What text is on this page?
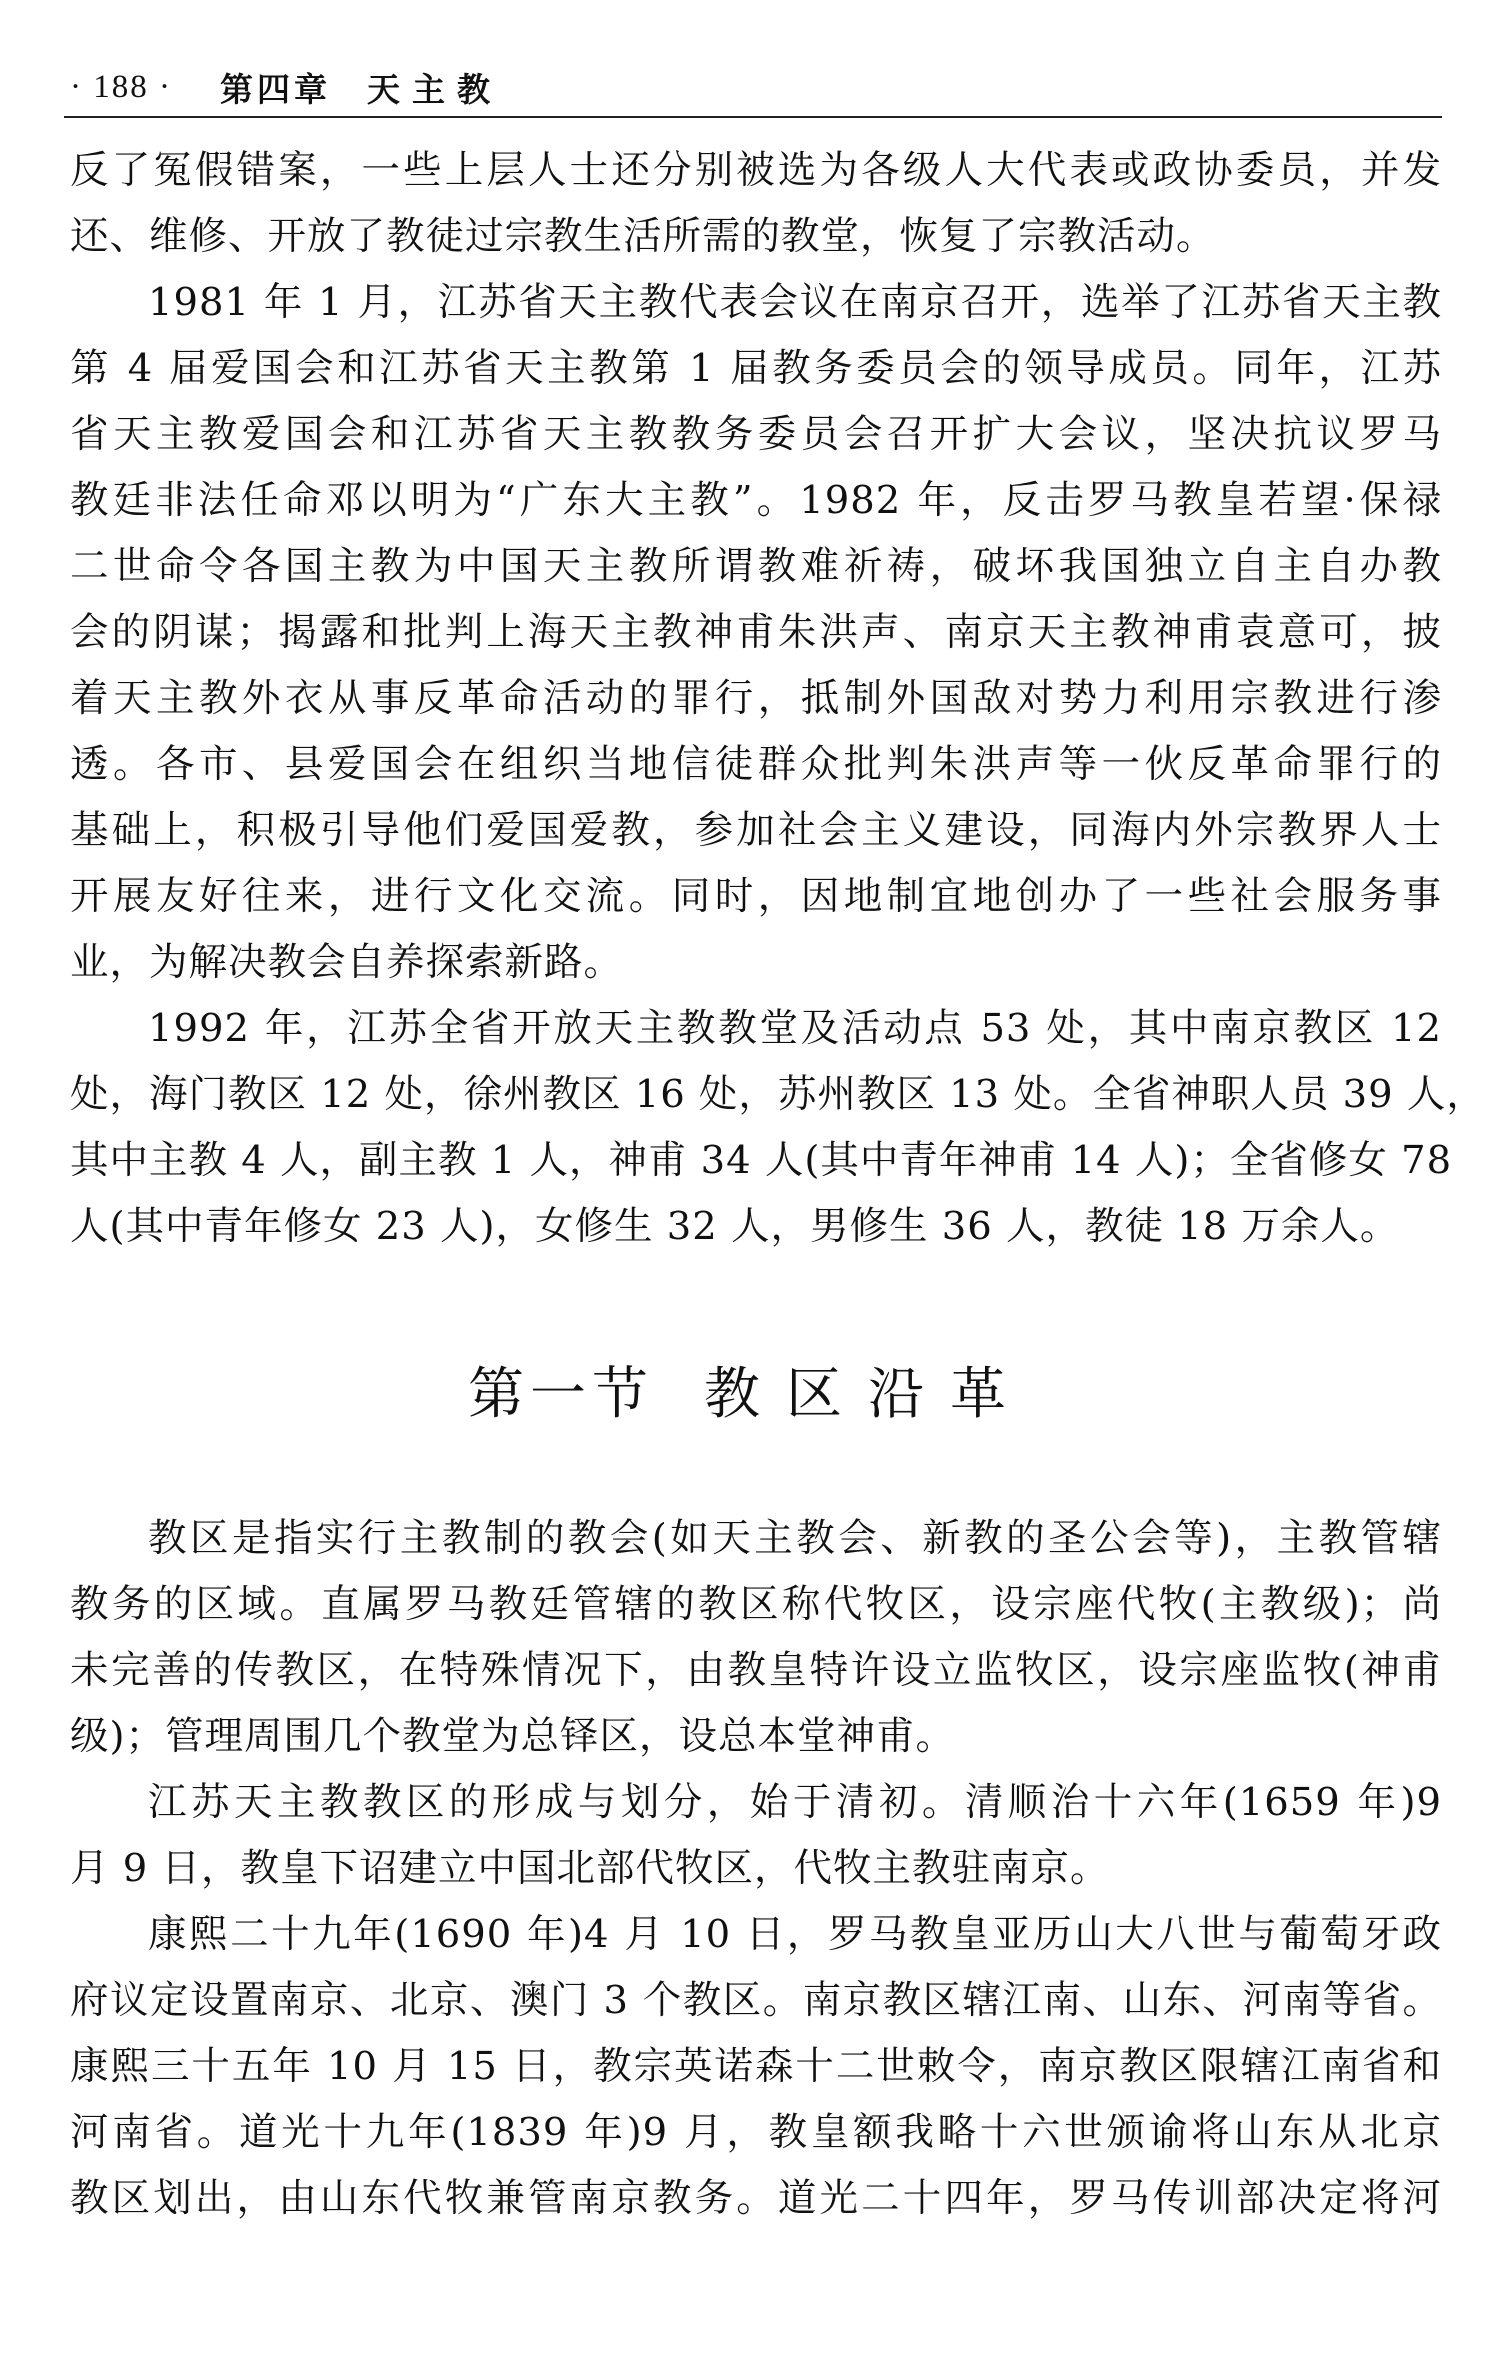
· 188 · 第四章 天主教
反了冤假错案，一些上层人士还分别被选为各级人大代表或政协委员，并发
还、维修、开放了教徒过宗教生活所需的教堂，恢复了宗教活动。
1981 年 1 月，江苏省天主教代表会议在南京召开，选举了江苏省天主教
第 4 届爱国会和江苏省天主教第 1 届教务委员会的领导成员。同年，江苏
省天主教爱国会和江苏省天主教教务委员会召开扩大会议，坚决抗议罗马
教廷非法任命邓以明为“广东大主教”。1982 年，反击罗马教皇若望·保禄
二世命令各国主教为中国天主教所谓教难祈祷，破坏我国独立自主自办教
会的阴谋；揭露和批判上海天主教神甫朱洪声、南京天主教神甫袁意可，披
着天主教外衣从事反革命活动的罪行，抵制外国敌对势力利用宗教进行渗
透。各市、县爱国会在组织当地信徒群众批判朱洪声等一伙反革命罪行的
基础上，积极引导他们爱国爱教，参加社会主义建设，同海内外宗教界人士
开展友好往来，进行文化交流。同时，因地制宜地创办了一些社会服务事
业，为解决教会自养探索新路。
1992 年，江苏全省开放天主教教堂及活动点 53 处，其中南京教区 12
处，海门教区 12 处，徐州教区 16 处，苏州教区 13 处。全省神职人员 39 人，
其中主教 4 人，副主教 1 人，神甫 34 人(其中青年神甫 14 人)；全省修女 78
人(其中青年修女 23 人)，女修生 32 人，男修生 36 人，教徒 18 万余人。
第一节 教区沿革
教区是指实行主教制的教会(如天主教会、新教的圣公会等)，主教管辖
教务的区域。直属罗马教廷管辖的教区称代牧区，设宗座代牧(主教级)；尚
未完善的传教区，在特殊情况下，由教皇特许设立监牧区，设宗座监牧(神甫
级)；管理周围几个教堂为总铎区，设总本堂神甫。
江苏天主教教区的形成与划分，始于清初。清顺治十六年(1659 年)9
月 9 日，教皇下诏建立中国北部代牧区，代牧主教驻南京。
康熙二十九年(1690 年)4 月 10 日，罗马教皇亚历山大八世与葡萄牙政
府议定设置南京、北京、澳门 3 个教区。南京教区辖江南、山东、河南等省。
康熙三十五年 10 月 15 日，教宗英诺森十二世敕令，南京教区限辖江南省和
河南省。道光十九年(1839 年)9 月，教皇额我略十六世颁谕将山东从北京
教区划出，由山东代牧兼管南京教务。道光二十四年，罗马传训部决定将河
